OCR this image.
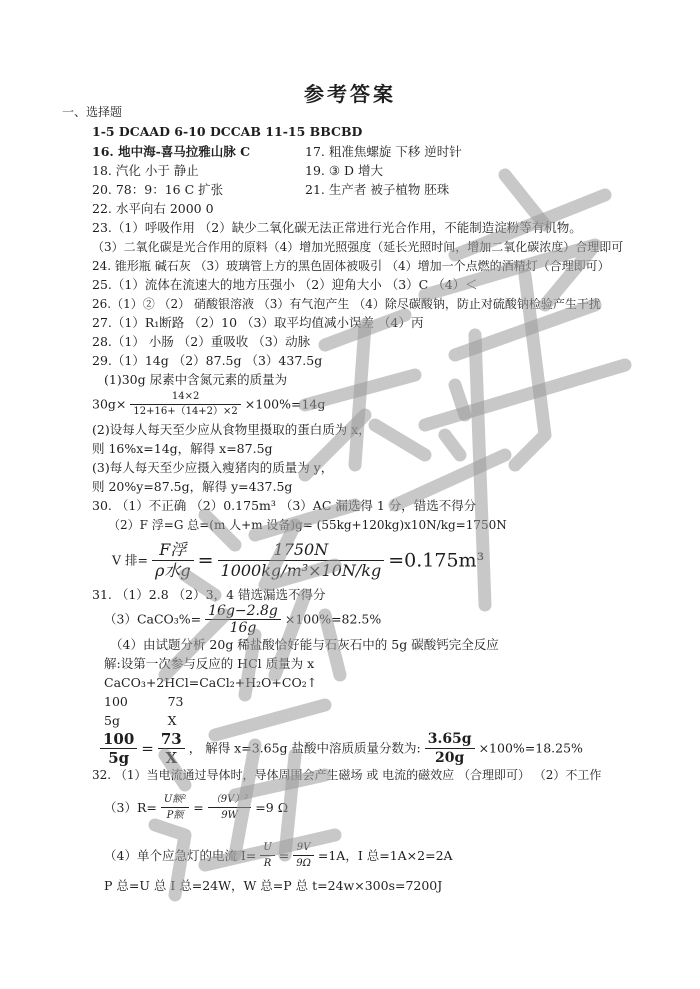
参考答案
一、选择题
1-5 DCAAD 6-10 DCCAB 11-15 BBCBD
16. 地中海-喜马拉雅山脉 C	17. 粗准焦螺旋 下移 逆时针
18. 汽化 小于 静止	19. ③ D 增大
20. 78：9：16 C 扩张	21. 生产者 被子植物 胚珠
22. 水平向右 2000 0
23.（1）呼吸作用 （2）缺少二氧化碳无法正常进行光合作用，不能制造淀粉等有机物。
（3）二氧化碳是光合作用的原料（4）增加光照强度（延长光照时间，增加二氧化碳浓度）合理即可
24. 锥形瓶 碱石灰 （3）玻璃管上方的黑色固体被吸引 （4）增加一个点燃的酒精灯（合理即可）
25.（1）流体在流速大的地方压强小 （2）迎角大小 （3）C （4）＜
26.（1）② （2） 硝酸银溶液 （3）有气泡产生 （4）除尽碳酸钠，防止对硫酸钠检验产生干扰
27.（1）R₁断路 （2）10 （3）取平均值减小误差 （4）丙
28.（1） 小肠 （2）重吸收 （3）动脉
29.（1）14g （2）87.5g （3）437.5g
(1)30g 尿素中含氮元素的质量为
$30g\times \frac{14\times 2}{12+16+(14+2)\times 2} \times 100\%=14g$
(2)设每人每天至少应从食物里摄取的蛋白质为 x，
则 16%x=14g，解得 x=87.5g
(3)每人每天至少应摄入瘦猪肉的质量为 y，
则 20%y=87.5g，解得 y=437.5g
30. （1）不正确 （2）0.175m³ （3）AC 漏选得 1 分，错选不得分
（2）F 浮=G 总=(m 人+m 设备)g= (55kg+120kg)x10N/kg=1750N
V 排= $\frac{\text{F浮}}{\text{ρ水g}} = \frac{1750N}{\text{1000kg/m³×10N/kg}} =0.175m^3$
31. （1）2.8 （2）3，4 错选漏选不得分
（3）CaCO₃%= $\frac{16g-2.8g}{16g} \times 100\%=82.5\%$
（4）由试题分析 20g 稀盐酸恰好能与石灰石中的 5g 碳酸钙完全反应
解:设第一次参与反应的 HCl 质量为 x
CaCO₃+2HCl=CaCl₂+H₂O+CO₂↑
100          73
5g            X
$\frac{100}{5g} = \frac{73}{X}$ ， 解得 x=3.65g 盐酸中溶质质量分数为: $\frac{3.65g}{20g} \times 100\%=18.25\%$
32. （1）当电流通过导体时，导体周围会产生磁场 或 电流的磁效应 （合理即可） （2）不工作
$(3)R= \frac{\text{U额²}}{\text{P额}} = \frac{\text{（9V）²}}{9W} =9$ Ω
（4）单个应急灯的电流 $I= \frac{U}{R} = \frac{9V}{9\Omega} =1A$，I 总=1A×2=2A
P 总=U 总 I 总=24W，W 总=P 总 t=24w×300s=7200J
